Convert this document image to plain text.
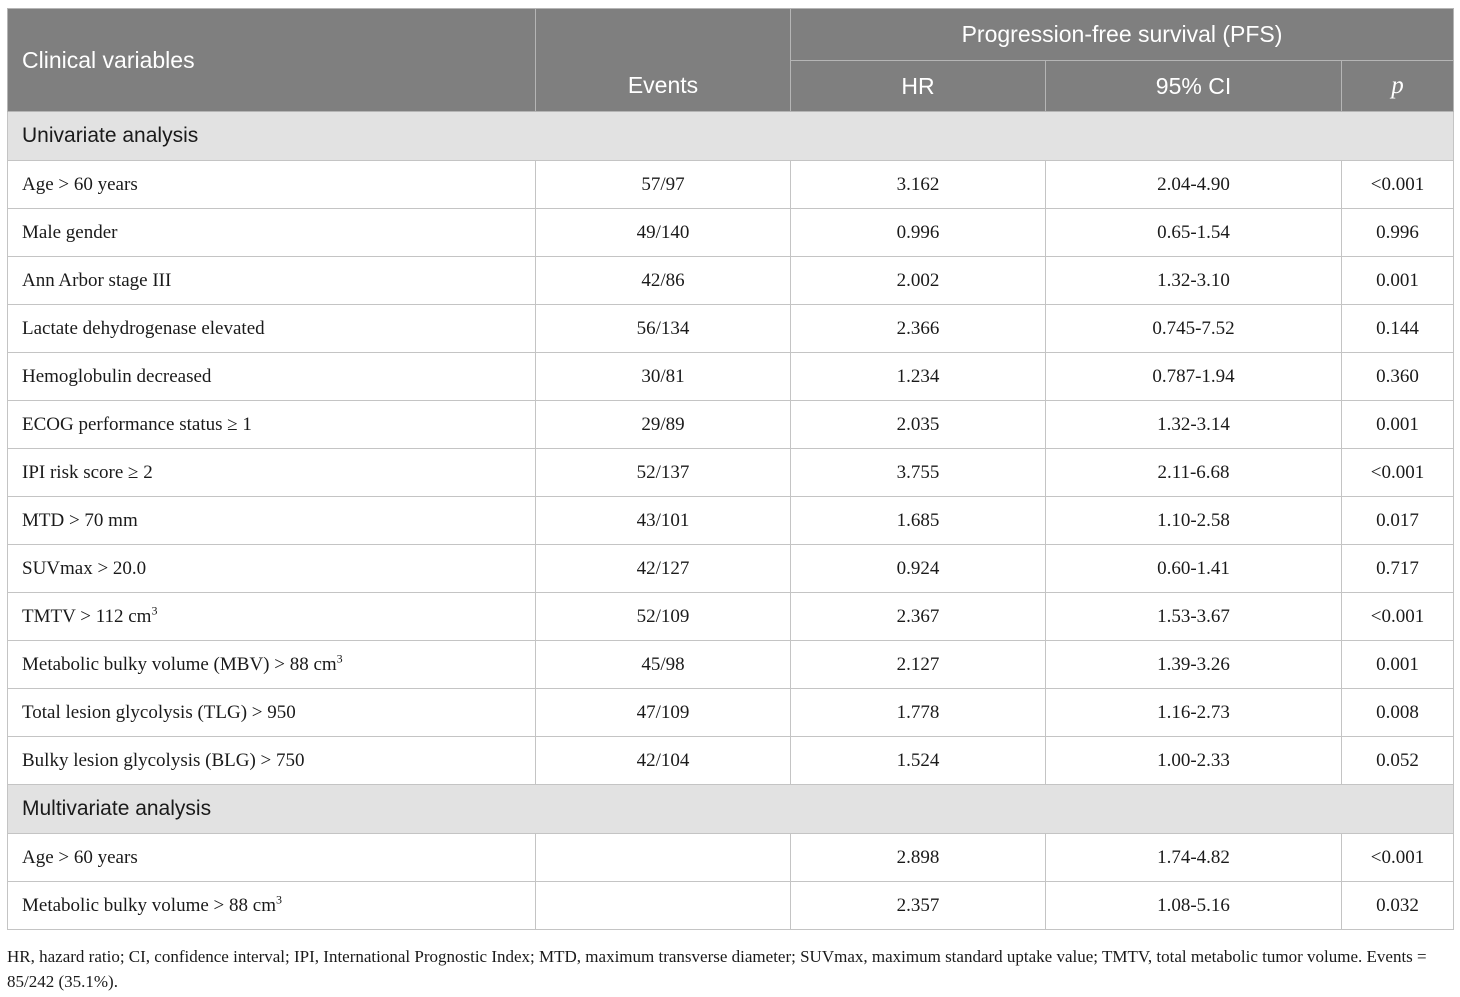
Clinical variables		Progression-free survival (PFS)		
	Events	HR	95% CI	p
Univariate analysis				
Age > 60 years	57/97	3.162	2.04-4.90	<0.001
Male gender	49/140	0.996	0.65-1.54	0.996
Ann Arbor stage III	42/86	2.002	1.32-3.10	0.001
Lactate dehydrogenase elevated	56/134	2.366	0.745-7.52	0.144
Hemoglobulin decreased	30/81	1.234	0.787-1.94	0.360
ECOG performance status ≥ 1	29/89	2.035	1.32-3.14	0.001
IPI risk score ≥ 2	52/137	3.755	2.11-6.68	<0.001
MTD > 70 mm	43/101	1.685	1.10-2.58	0.017
SUVmax > 20.0	42/127	0.924	0.60-1.41	0.717
TMTV > 112 $cm^3$	52/109	2.367	1.53-3.67	<0.001
Metabolic bulky volume (MBV) > 88 $cm^3$	45/98	2.127	1.39-3.26	0.001
Total lesion glycolysis (TLG) > 950	47/109	1.778	1.16-2.73	0.008
Bulky lesion glycolysis (BLG) > 750	42/104	1.524	1.00-2.33	0.052
Multivariate analysis				
Age > 60 years		2.898	1.74-4.82	<0.001
Metabolic bulky volume > 88 $cm^3$		2.357	1.08-5.16	0.032
HR, hazard ratio; CI, confidence interval; IPI, International Prognostic Index; MTD, maximum transverse diameter; SUVmax, maximum standard uptake value; TMTV, total metabolic tumor volume. Events = 85/242 (35.1%).
